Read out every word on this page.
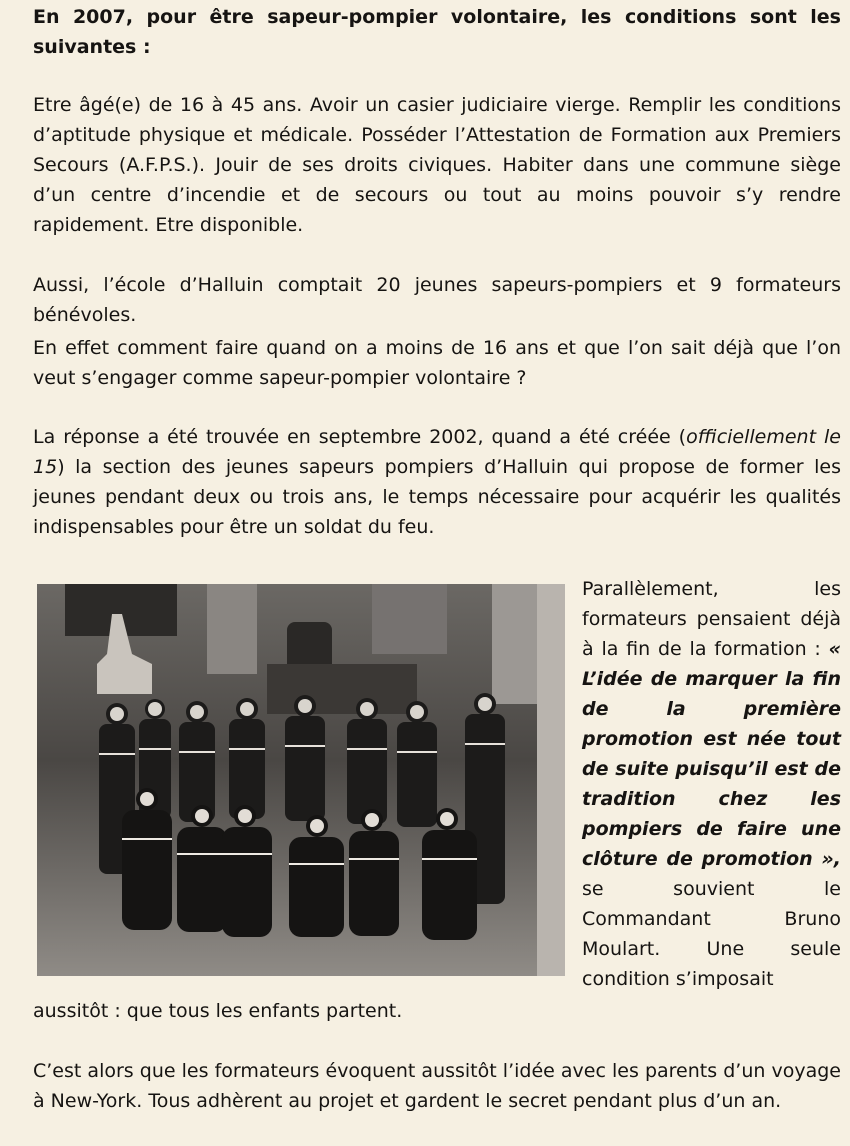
En 2007, pour être sapeur-pompier volontaire, les conditions sont les suivantes :

Etre âgé(e) de 16 à 45 ans. Avoir un casier judiciaire vierge. Remplir les conditions d’aptitude physique et médicale. Posséder l’Attestation de Formation aux Premiers Secours (A.F.P.S.). Jouir de ses droits civiques. Habiter dans une commune siège d’un centre d’incendie et de secours ou tout au moins pouvoir s’y rendre rapidement. Etre disponible.

Aussi, l’école d’Halluin comptait 20 jeunes sapeurs-pompiers et 9 formateurs bénévoles.

En effet comment faire quand on a moins de 16 ans et que l’on sait déjà que l’on veut s’engager comme sapeur-pompier volontaire ?

La réponse a été trouvée en septembre 2002, quand a été créée (officiellement le 15) la section des jeunes sapeurs pompiers d’Halluin qui propose de former les jeunes pendant deux ou trois ans, le temps nécessaire pour acquérir les qualités indispensables pour être un soldat du feu.

Parallèlement, les formateurs pensaient déjà à la fin de la formation : « L’idée de marquer la fin de la première promotion est née tout de suite puisqu’il est de tradition chez les pompiers de faire une clôture de promotion », se souvient le Commandant Bruno Moulart. Une seule condition s’imposait

aussitôt : que tous les enfants partent.

C’est alors que les formateurs évoquent aussitôt l’idée avec les parents d’un voyage à New-York. Tous adhèrent au projet et gardent le secret pendant plus d’un an.
